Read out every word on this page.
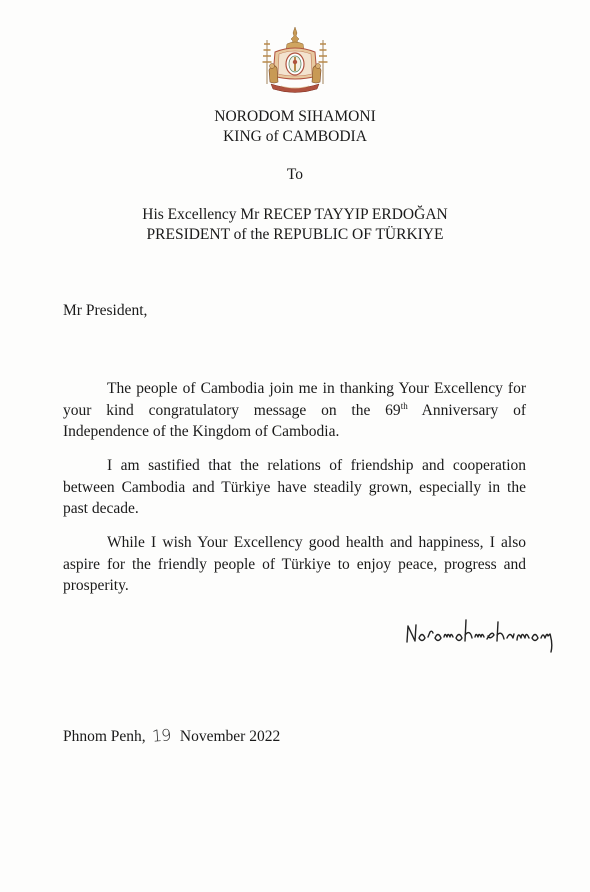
NORODOM SIHAMONI
KING of CAMBODIA
To
His Excellency Mr RECEP TAYYIP ERDOĞAN
PRESIDENT of the REPUBLIC OF TÜRKIYE
Mr President,
The people of Cambodia join me in thanking Your Excellency for your kind congratulatory message on the 69th Anniversary of Independence of the Kingdom of Cambodia.
I am sastified that the relations of friendship and cooperation between Cambodia and Türkiye have steadily grown, especially in the past decade.
While I wish Your Excellency good health and happiness, I also aspire for the friendly people of Türkiye to enjoy peace, progress and prosperity.
Phnom Penh, 19 November 2022
